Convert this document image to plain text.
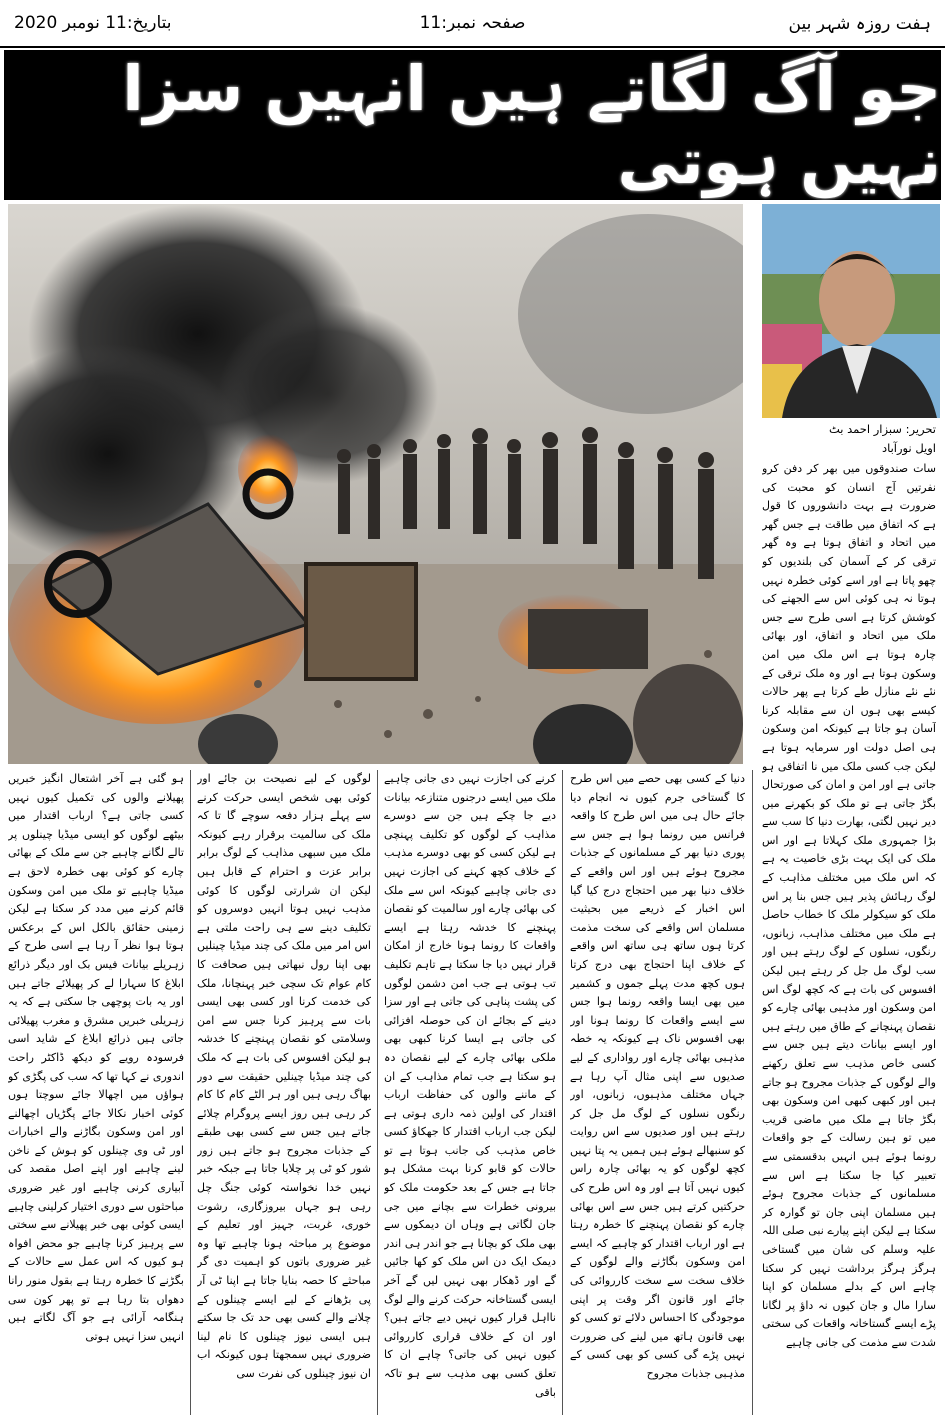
بتاریخ:11 نومبر 2020	صفحہ نمبر:11	ہفت روزہ شہر بین
جو آگ لگاتے ہیں انہیں سزا نہیں ہوتی
تحریر: سبزار احمد بٹ
اویل نورآباد
سات صندوقوں میں بھر کر دفن کرو نفرتیں آج انسان کو محبت کی ضرورت ہے بہت دانشوروں کا قول ہے کہ اتفاق میں طاقت ہے جس گھر میں اتحاد و اتفاق ہوتا ہے وہ گھر ترقی کر کے آسمان کی بلندیوں کو چھو پاتا ہے اور اسے کوئی خطرہ نہیں ہوتا نہ ہی کوئی اس سے الجھنے کی کوشش کرتا ہے اسی طرح سے جس ملک میں اتحاد و اتفاق، اور بھائی چارہ ہوتا ہے اس ملک میں امن وسکون ہوتا ہے اور وہ ملک ترقی کے نئے نئے منازل طے کرتا ہے پھر حالات کیسے بھی ہوں ان سے مقابلہ کرنا آسان ہو جاتا ہے کیونکہ امن وسکون ہی اصل دولت اور سرمایہ ہوتا ہے لیکن جب کسی ملک میں نا اتفاقی ہو جاتی ہے اور امن و امان کی صورتحال بگڑ جاتی ہے تو ملک کو بکھرنے میں دیر نہیں لگتی، بھارت دنیا کا سب سے بڑا جمہوری ملک کہلاتا ہے اور اس ملک کی ایک بہت بڑی خاصیت یہ ہے کہ اس ملک میں مختلف مذاہب کے لوگ رہائش پذیر ہیں جس بنا پر اس ملک کو سیکولر ملک کا خطاب حاصل ہے ملک میں مختلف مذاہب، زبانوں، رنگوں، نسلوں کے لوگ رہتے ہیں اور سب لوگ مل جل کر رہتے ہیں لیکن افسوس کی بات ہے کہ کچھ لوگ اس امن وسکون اور مذہبی بھائی چارے کو نقصان پہنچانے کے طاق میں رہتے ہیں اور ایسے بیانات دیتے ہیں جس سے کسی خاص مذہب سے تعلق رکھنے والے لوگوں کے جذبات مجروح ہو جاتے ہیں اور کبھی کبھی امن وسکون بھی بگڑ جاتا ہے ملک میں ماضی قریب میں تو ہین رسالت کے جو واقعات رونما ہوئے ہیں انہیں بدقسمتی سے تعبیر کیا جا سکتا ہے اس سے مسلمانوں کے جذبات مجروح ہوئے ہیں مسلمان اپنی جان تو گوارہ کر سکتا ہے لیکن اپنے پیارے نبی صلی اللہ علیہ وسلم کی شان میں گستاخی ہرگز ہرگز برداشت نہیں کر سکتا چاہے اس کے بدلے مسلمان کو اپنا سارا مال و جان کیوں نہ داؤ پر لگانا پڑے ایسے گستاخانہ واقعات کی سختی شدت سے مذمت کی جانی چاہیے
دنیا کے کسی بھی حصے میں اس طرح کا گستاخی جرم کیوں نہ انجام دیا جائے حال ہی میں اس طرح کا واقعہ فرانس میں رونما ہوا ہے جس سے پوری دنیا بھر کے مسلمانوں کے جذبات مجروح ہوئے ہیں اور اس واقعے کے خلاف دنیا بھر میں احتجاج درج کیا گیا اس اخبار کے ذریعے میں بحیثیت مسلمان اس واقعے کی سخت مذمت کرتا ہوں ساتھ ہی ساتھ اس واقعے کے خلاف اپنا احتجاج بھی درج کرتا ہوں کچھ مدت پہلے جموں و کشمیر میں بھی ایسا واقعہ رونما ہوا جس سے ایسے واقعات کا رونما ہونا اور بھی افسوس ناک ہے کیونکہ یہ خطہ مذہبی بھائی چارے اور رواداری کے لیے صدیوں سے اپنی مثال آپ رہا ہے جہاں مختلف مذہبوں، زبانوں، اور رنگوں نسلوں کے لوگ مل جل کر رہتے ہیں اور صدیوں سے اس روایت کو سنبھالے ہوئے ہیں ہمیں یہ پتا نہیں کچھ لوگوں کو یہ بھائی چارہ راس کیوں نہیں آتا ہے اور وہ اس طرح کی حرکتیں کرتے ہیں جس سے اس بھائی چارے کو نقصان پہنچنے کا خطرہ رہتا ہے اور ارباب اقتدار کو چاہیے کہ ایسے امن وسکون بگاڑنے والے لوگوں کے خلاف سخت سے سخت کارروائی کی جائے اور قانون اگر وقت پر اپنی موجودگی کا احساس دلائے تو کسی کو بھی قانون ہاتھ میں لینے کی ضرورت نہیں پڑے گی کسی کو بھی کسی کے مذہبی جذبات مجروح
کرنے کی اجازت نہیں دی جانی چاہیے ملک میں ایسے درجنوں متنازعہ بیانات دیے جا چکے ہیں جن سے دوسرے مذاہب کے لوگوں کو تکلیف پہنچی ہے لیکن کسی کو بھی دوسرے مذہب کے خلاف کچھ کہنے کی اجازت نہیں دی جانی چاہیے کیونکہ اس سے ملک کی بھائی چارے اور سالمیت کو نقصان پہنچنے کا خدشہ رہتا ہے ایسے واقعات کا رونما ہونا خارج از امکان قرار نہیں دیا جا سکتا ہے تاہم تکلیف تب ہوتی ہے جب امن دشمن لوگوں کی پشت پناہی کی جاتی ہے اور سزا دینے کے بجائے ان کی حوصلہ افزائی کی جاتی ہے ایسا کرنا کبھی بھی ملکی بھائی چارے کے لیے نقصان دہ ہو سکتا ہے جب تمام مذاہب کے ان کے ماننے والوں کی حفاظت ارباب اقتدار کی اولین ذمہ داری ہوتی ہے لیکن جب ارباب اقتدار کا جھکاؤ کسی خاص مذہب کی جانب ہوتا ہے تو حالات کو قابو کرنا بہت مشکل ہو جاتا ہے جس کے بعد حکومت ملک کو بیرونی خطرات سے بچانے میں جی جان لگاتی ہے وہاں ان دیمکوں سے بھی ملک کو بچانا ہے جو اندر ہی اندر دیمک ایک دن اس ملک کو کھا جائیں گے اور ڈھکار بھی نہیں لیں گے آخر ایسی گستاخانہ حرکت کرنے والے لوگ نااہل قرار کیوں نہیں دیے جاتے ہیں؟ اور ان کے خلاف قراری کارروائی کیوں نہیں کی جاتی؟ چاہے ان کا تعلق کسی بھی مذہب سے ہو تاکہ باقی
لوگوں کے لیے نصیحت بن جائے اور کوئی بھی شخص ایسی حرکت کرنے سے پہلے ہزار دفعہ سوچے گا تا کہ ملک کی سالمیت برقرار رہے کیونکہ ملک میں سبھی مذاہب کے لوگ برابر برابر عزت و احترام کے قابل ہیں لیکن ان شرارتی لوگوں کا کوئی مذہب نہیں ہوتا انہیں دوسروں کو تکلیف دینے سے ہی راحت ملتی ہے اس امر میں ملک کی چند میڈیا چینلیں بھی اپنا رول نبھاتی ہیں صحافت کا کام عوام تک سچی خبر پہنچانا، ملک کی خدمت کرنا اور کسی بھی ایسی بات سے پرہیز کرنا جس سے امن وسلامتی کو نقصان پہنچنے کا خدشہ ہو لیکن افسوس کی بات ہے کہ ملک کی چند میڈیا چینلیں حقیقت سے دور بھاگ رہی ہیں اور ہر الٹے کام کا کام کر رہی ہیں روز ایسے پروگرام چلائے جاتے ہیں جس سے کسی بھی طبقے کے جذبات مجروح ہو جاتے ہیں زور شور کو ٹی پر چلایا جاتا ہے جبکہ خبر نہیں خدا نخواستہ کوئی جنگ چل رہی ہو جہاں بیروزگاری، رشوت خوری، غربت، جہیز اور تعلیم کے موضوع پر مباحثہ ہونا چاہیے تھا وہ غیر ضروری باتوں کو اہمیت دی گر مباحثے کا حصہ بنایا جاتا ہے اپنا ٹی آر پی بڑھانے کے لیے ایسے چینلوں کے چلانے والے کسی بھی حد تک جا سکتے ہیں ایسی نیوز چینلوں کا نام لینا ضروری نہیں سمجھتا ہوں کیونکہ اب ان نیوز چینلوں کی نفرت سی
ہو گئی ہے آخر اشتعال انگیز خبریں پھیلانے والوں کی تکمیل کیوں نہیں کسی جاتی ہے؟ ارباب اقتدار میں بیٹھے لوگوں کو ایسی میڈیا چینلوں پر تالے لگانے چاہیے جن سے ملک کے بھائی چارے کو کوئی بھی خطرہ لاحق ہے میڈیا چاہیے تو ملک میں امن وسکون قائم کرنے میں مدد کر سکتا ہے لیکن زمینی حقائق بالکل اس کے برعکس ہوتا ہوا نظر آ رہا ہے اسی طرح کے زہریلے بیانات فیس بک اور دیگر ذرائع ابلاغ کا سہارا لے کر پھیلائے جاتے ہیں اور یہ بات پوچھی جا سکتی ہے کہ یہ زہریلی خبریں مشرق و مغرب پھیلائی جاتی ہیں ذرائع ابلاغ کے شاید اسی فرسودہ رویے کو دیکھ ڈاکٹر راحت اندوری نے کہا تھا کہ سب کی پگڑی کو ہواؤں میں اچھالا جائے سوچتا ہوں کوئی اخبار نکالا جائے پگڑیاں اچھالنے اور امن وسکون بگاڑنے والے اخبارات اور ٹی وی چینلوں کو ہوش کے ناخن لینے چاہیے اور اپنے اصل مقصد کی آبیاری کرنی چاہیے اور غیر ضروری مباحثوں سے دوری اختیار کرلینی چاہیے ایسی کوئی بھی خبر پھیلانے سے سختی سے پرہیز کرنا چاہیے جو محض افواہ ہو کیوں کہ اس عمل سے حالات کے بگڑنے کا خطرہ رہتا ہے بقول منور رانا دھواں بتا رہا ہے تو پھر کون سی ہنگامہ آرائی ہے جو آگ لگاتے ہیں انہیں سزا نہیں ہوتی
